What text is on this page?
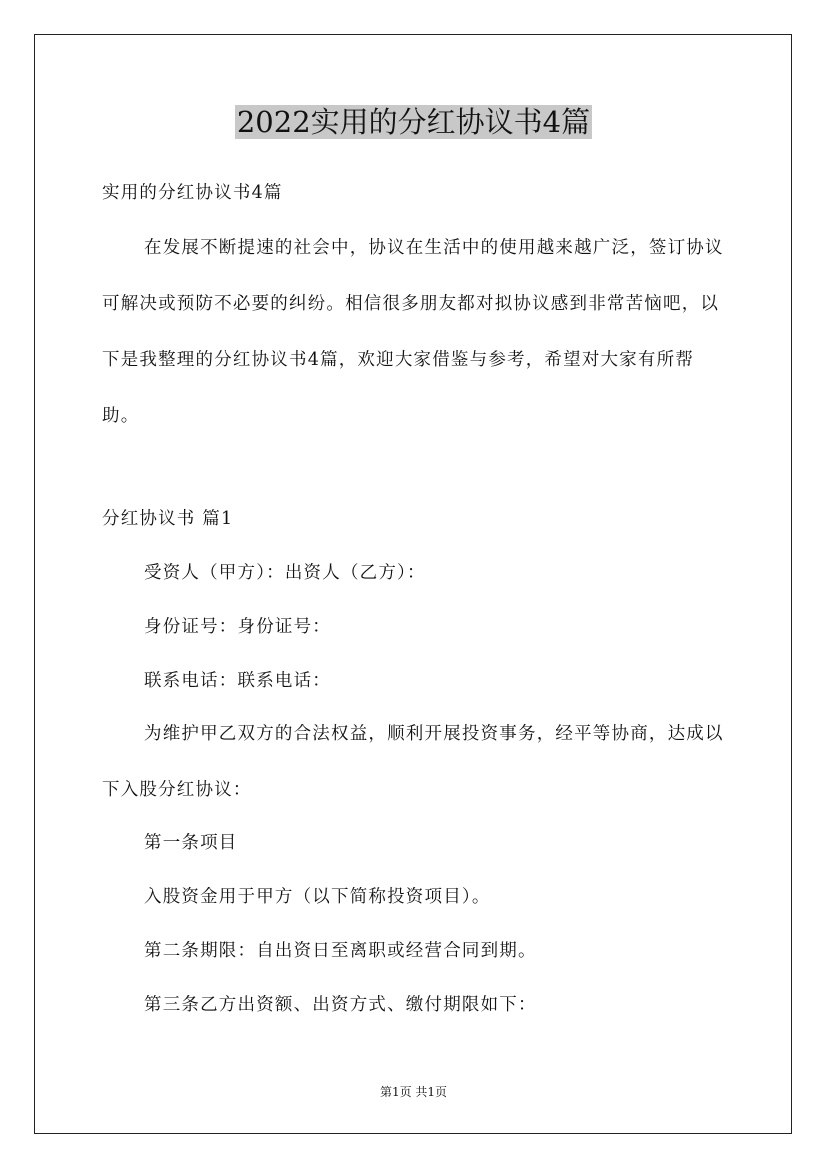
2022实用的分红协议书4篇

实用的分红协议书4篇

在发展不断提速的社会中，协议在生活中的使用越来越广泛，签订协议可解决或预防不必要的纠纷。相信很多朋友都对拟协议感到非常苦恼吧，以下是我整理的分红协议书4篇，欢迎大家借鉴与参考，希望对大家有所帮助。

分红协议书 篇1

受资人（甲方）：出资人（乙方）：

身份证号：身份证号：

联系电话：联系电话：

为维护甲乙双方的合法权益，顺利开展投资事务，经平等协商，达成以下入股分红协议：

第一条项目

入股资金用于甲方（以下简称投资项目）。

第二条期限：自出资日至离职或经营合同到期。

第三条乙方出资额、出资方式、缴付期限如下：

第1页 共1页
